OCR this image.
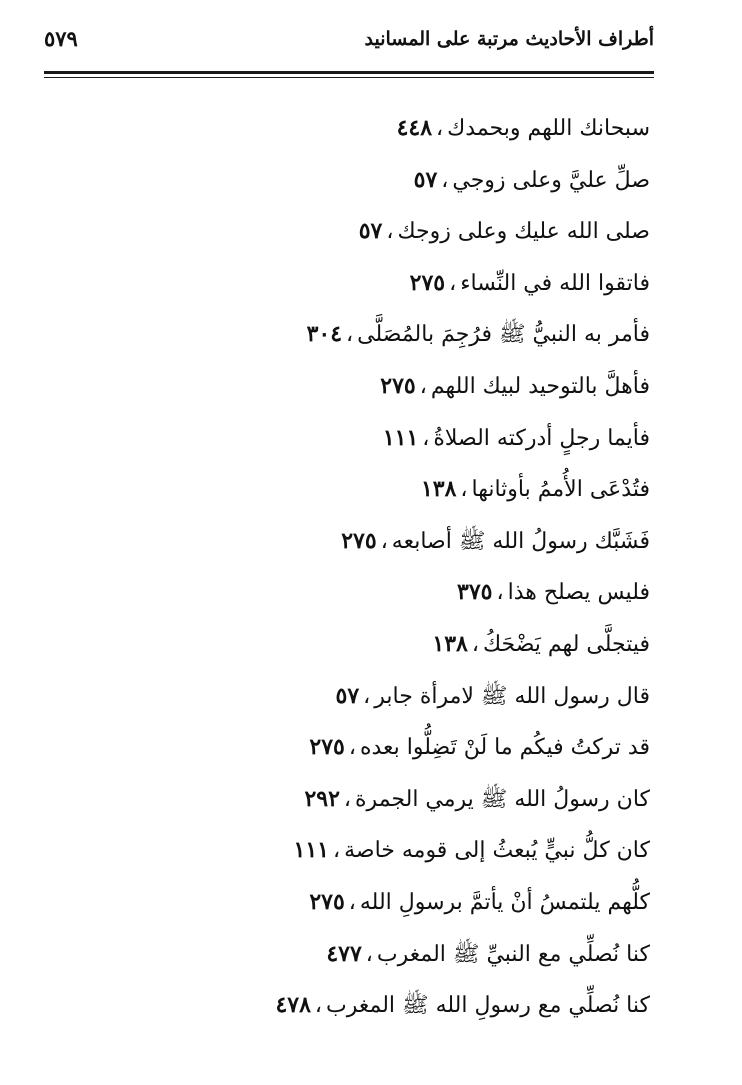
٥٧٩	أطراف الأحاديث مرتبة على المسانيد
سبحانك اللهم وبحمدك،٤٤٨
صلِّ عليَّ وعلى زوجي،٥٧
صلى الله عليك وعلى زوجك،٥٧
فاتقوا الله في النِّساء،٢٧٥
فأمر به النبيُّ ﷺ فرُجِمَ بالمُصَلَّى،٣٠٤
فأهلَّ بالتوحيد لبيك اللهم،٢٧٥
فأيما رجلٍ أدركته الصلاةُ،١١١
فتُدْعَى الأُممُ بأوثانها،١٣٨
فَشَبَّك رسولُ الله ﷺ أصابعه،٢٧٥
فليس يصلح هذا،٣٧٥
فيتجلَّى لهم يَضْحَكُ،١٣٨
قال رسول الله ﷺ لامرأة جابر،٥٧
قد تركتُ فيكُم ما لَنْ تَضِلُّوا بعده،٢٧٥
كان رسولُ الله ﷺ يرمي الجمرة،٢٩٢
كان كلُّ نبيٍّ يُبعثُ إلى قومه خاصة،١١١
كلُّهم يلتمسُ أنْ يأتمَّ برسولِ الله،٢٧٥
كنا نُصلِّي مع النبيِّ ﷺ المغرب،٤٧٧
كنا نُصلِّي مع رسولِ الله ﷺ المغرب،٤٧٨
